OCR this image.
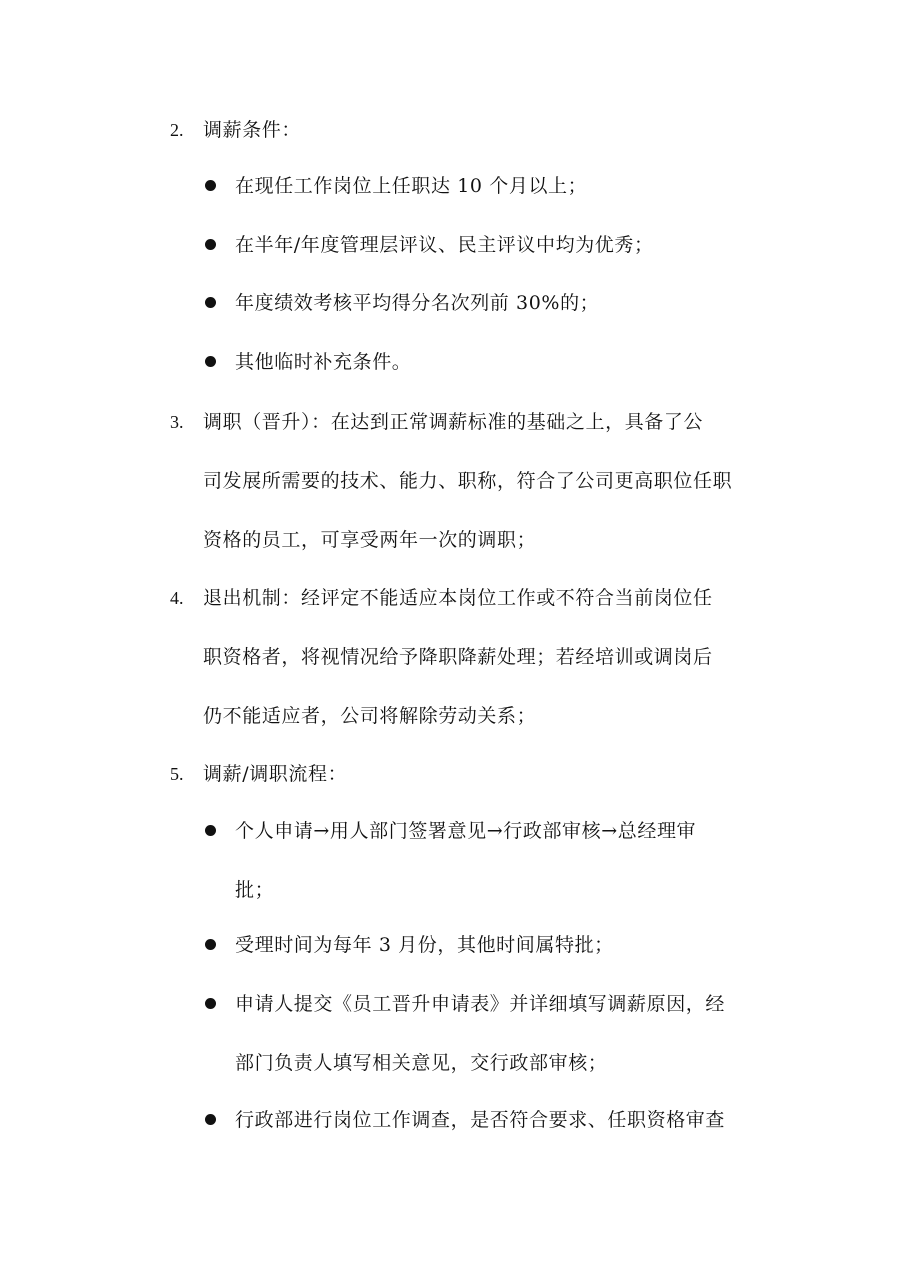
2. 调薪条件：
在现任工作岗位上任职达 10 个月以上；
在半年/年度管理层评议、民主评议中均为优秀；
年度绩效考核平均得分名次列前 30%的；
其他临时补充条件。
3. 调职（晋升）：在达到正常调薪标准的基础之上，具备了公
司发展所需要的技术、能力、职称，符合了公司更高职位任职
资格的员工，可享受两年一次的调职；
4. 退出机制：经评定不能适应本岗位工作或不符合当前岗位任
职资格者，将视情况给予降职降薪处理；若经培训或调岗后
仍不能适应者，公司将解除劳动关系；
5. 调薪/调职流程：
个人申请→用人部门签署意见→行政部审核→总经理审
批；
受理时间为每年 3 月份，其他时间属特批；
申请人提交《员工晋升申请表》并详细填写调薪原因，经
部门负责人填写相关意见，交行政部审核；
行政部进行岗位工作调查，是否符合要求、任职资格审查
